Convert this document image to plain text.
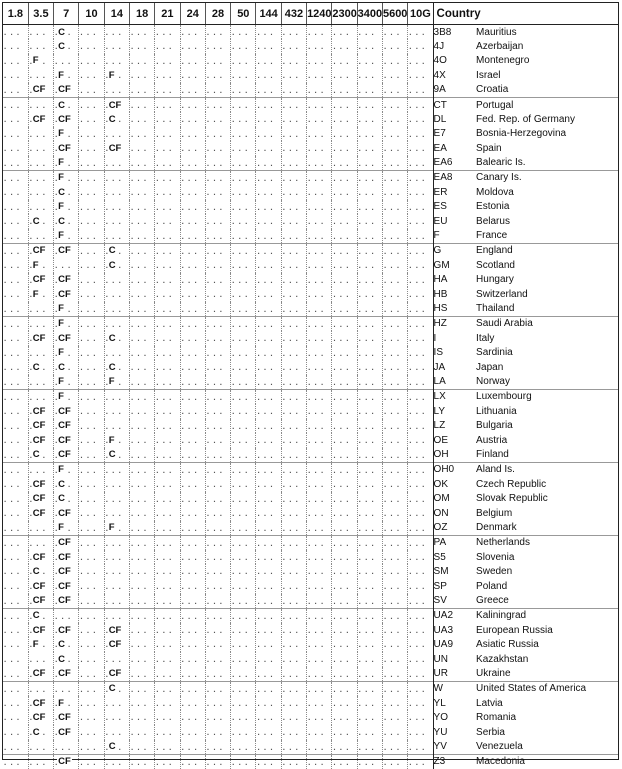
1.8	3.5	7	10	14	18	21	24	28	50	144	432	1240	2300	3400	5600	10G	Country
. . .	. . .	. . . C	. . .	. . .	. . .	. . .	. . .	. . .	. . .	. . .	. . .	. . .	. . .	. . .	. . .	. . .	3B8	Mauritius
. . .	. . .	. . . C	. . .	. . .	. . .	. . .	. . .	. . .	. . .	. . .	. . .	. . .	. . .	. . .	. . .	. . .	4J	Azerbaijan
. . .	. . . F	. . .	. . .	. . .	. . .	. . .	. . .	. . .	. . .	. . .	. . .	. . .	. . .	. . .	. . .	. . .	4O	Montenegro
. . .	. . .	. . . F	. . .	. . .F	. . .	. . .	. . .	. . .	. . .	. . .	. . .	. . .	. . .	. . .	. . .	. . .	4X	Israel
. . .	. . . CF	. . .CF	. . .	. . .	. . .	. . .	. . .	. . .	. . .	. . .	. . .	. . .	. . .	. . .	. . .	. . .	9A	Croatia
. . .	. . .	. . . C	. . .	. . .CF	. . .	. . .	. . .	. . .	. . .	. . .	. . .	. . .	. . .	. . .	. . .	. . .	CT	Portugal
. . .	. . . CF	. . .CF	. . .	. . .C	. . .	. . .	. . .	. . .	. . .	. . .	. . .	. . .	. . .	. . .	. . .	. . .	DL	Fed. Rep. of Germany
. . .	. . .	. . . F	. . .	. . .	. . .	. . .	. . .	. . .	. . .	. . .	. . .	. . .	. . .	. . .	. . .	. . .	E7	Bosnia-Herzegovina
. . .	. . .	. . . CF	. . .	. . .CF	. . .	. . .	. . .	. . .	. . .	. . .	. . .	. . .	. . .	. . .	. . .	. . .	EA	Spain
. . .	. . .	. . . F	. . .	. . .	. . .	. . .	. . .	. . .	. . .	. . .	. . .	. . .	. . .	. . .	. . .	. . .	EA6	Balearic Is.
. . .	. . .	. . . F	. . .	. . .	. . .	. . .	. . .	. . .	. . .	. . .	. . .	. . .	. . .	. . .	. . .	. . .	EA8	Canary Is.
. . .	. . .	. . . C	. . .	. . .	. . .	. . .	. . .	. . .	. . .	. . .	. . .	. . .	. . .	. . .	. . .	. . .	ER	Moldova
. . .	. . .	. . . F	. . .	. . .	. . .	. . .	. . .	. . .	. . .	. . .	. . .	. . .	. . .	. . .	. . .	. . .	ES	Estonia
. . .	. . . C	. . .C	. . .	. . .	. . .	. . .	. . .	. . .	. . .	. . .	. . .	. . .	. . .	. . .	. . .	. . .	EU	Belarus
. . .	. . .	. . . F	. . .	. . .	. . .	. . .	. . .	. . .	. . .	. . .	. . .	. . .	. . .	. . .	. . .	. . .	F	France
. . .	. . . CF	. . .CF	. . .	. . .C	. . .	. . .	. . .	. . .	. . .	. . .	. . .	. . .	. . .	. . .	. . .	. . .	G	England
. . .	. . . F	. . .	. . .	. . .C	. . .	. . .	. . .	. . .	. . .	. . .	. . .	. . .	. . .	. . .	. . .	. . .	GM	Scotland
. . .	. . . CF	. . .CF	. . .	. . .	. . .	. . .	. . .	. . .	. . .	. . .	. . .	. . .	. . .	. . .	. . .	. . .	HA	Hungary
. . .	. . . F	. . .CF	. . .	. . .	. . .	. . .	. . .	. . .	. . .	. . .	. . .	. . .	. . .	. . .	. . .	. . .	HB	Switzerland
. . .	. . .	. . . F	. . .	. . .	. . .	. . .	. . .	. . .	. . .	. . .	. . .	. . .	. . .	. . .	. . .	. . .	HS	Thailand
. . .	. . .	. . . F	. . .	. . .	. . .	. . .	. . .	. . .	. . .	. . .	. . .	. . .	. . .	. . .	. . .	. . .	HZ	Saudi Arabia
. . .	. . . CF	. . .CF	. . .	. . .C	. . .	. . .	. . .	. . .	. . .	. . .	. . .	. . .	. . .	. . .	. . .	. . .	I	Italy
. . .	. . .	. . . F	. . .	. . .	. . .	. . .	. . .	. . .	. . .	. . .	. . .	. . .	. . .	. . .	. . .	. . .	IS	Sardinia
. . .	. . . C	. . .C	. . .	. . .C	. . .	. . .	. . .	. . .	. . .	. . .	. . .	. . .	. . .	. . .	. . .	. . .	JA	Japan
. . .	. . .	. . . F	. . .	. . .F	. . .	. . .	. . .	. . .	. . .	. . .	. . .	. . .	. . .	. . .	. . .	. . .	LA	Norway
. . .	. . .	. . . F	. . .	. . .	. . .	. . .	. . .	. . .	. . .	. . .	. . .	. . .	. . .	. . .	. . .	. . .	LX	Luxembourg
. . .	. . . CF	. . .CF	. . .	. . .	. . .	. . .	. . .	. . .	. . .	. . .	. . .	. . .	. . .	. . .	. . .	. . .	LY	Lithuania
. . .	. . . CF	. . .CF	. . .	. . .	. . .	. . .	. . .	. . .	. . .	. . .	. . .	. . .	. . .	. . .	. . .	. . .	LZ	Bulgaria
. . .	. . . CF	. . .CF	. . .	. . .F	. . .	. . .	. . .	. . .	. . .	. . .	. . .	. . .	. . .	. . .	. . .	. . .	OE	Austria
. . .	. . . C	. . .CF	. . .	. . .C	. . .	. . .	. . .	. . .	. . .	. . .	. . .	. . .	. . .	. . .	. . .	. . .	OH	Finland
. . .	. . .	. . . F	. . .	. . .	. . .	. . .	. . .	. . .	. . .	. . .	. . .	. . .	. . .	. . .	. . .	. . .	OH0	Aland Is.
. . .	. . . CF	. . .C	. . .	. . .	. . .	. . .	. . .	. . .	. . .	. . .	. . .	. . .	. . .	. . .	. . .	. . .	OK	Czech Republic
. . .	. . . CF	. . .C	. . .	. . .	. . .	. . .	. . .	. . .	. . .	. . .	. . .	. . .	. . .	. . .	. . .	. . .	OM	Slovak Republic
. . .	. . . CF	. . .CF	. . .	. . .	. . .	. . .	. . .	. . .	. . .	. . .	. . .	. . .	. . .	. . .	. . .	. . .	ON	Belgium
. . .	. . .	. . . F	. . .	. . .F	. . .	. . .	. . .	. . .	. . .	. . .	. . .	. . .	. . .	. . .	. . .	. . .	OZ	Denmark
. . .	. . .	. . . CF	. . .	. . .	. . .	. . .	. . .	. . .	. . .	. . .	. . .	. . .	. . .	. . .	. . .	. . .	PA	Netherlands
. . .	. . . CF	. . .CF	. . .	. . .	. . .	. . .	. . .	. . .	. . .	. . .	. . .	. . .	. . .	. . .	. . .	. . .	S5	Slovenia
. . .	. . . C	. . .CF	. . .	. . .	. . .	. . .	. . .	. . .	. . .	. . .	. . .	. . .	. . .	. . .	. . .	. . .	SM	Sweden
. . .	. . . CF	. . .CF	. . .	. . .	. . .	. . .	. . .	. . .	. . .	. . .	. . .	. . .	. . .	. . .	. . .	. . .	SP	Poland
. . .	. . . CF	. . .CF	. . .	. . .	. . .	. . .	. . .	. . .	. . .	. . .	. . .	. . .	. . .	. . .	. . .	. . .	SV	Greece
. . .	. . . C	. . .	. . .	. . .	. . .	. . .	. . .	. . .	. . .	. . .	. . .	. . .	. . .	. . .	. . .	. . .	UA2	Kaliningrad
. . .	. . . CF	. . .CF	. . .	. . .CF	. . .	. . .	. . .	. . .	. . .	. . .	. . .	. . .	. . .	. . .	. . .	. . .	UA3	European Russia
. . .	. . . F	. . .C	. . .	. . .CF	. . .	. . .	. . .	. . .	. . .	. . .	. . .	. . .	. . .	. . .	. . .	. . .	UA9	Asiatic Russia
. . .	. . .	. . . C	. . .	. . .	. . .	. . .	. . .	. . .	. . .	. . .	. . .	. . .	. . .	. . .	. . .	. . .	UN	Kazakhstan
. . .	. . . CF	. . .CF	. . .	. . .CF	. . .	. . .	. . .	. . .	. . .	. . .	. . .	. . .	. . .	. . .	. . .	. . .	UR	Ukraine
. . .	. . .	. . .	. . .	. . . C	. . .	. . .	. . .	. . .	. . .	. . .	. . .	. . .	. . .	. . .	. . .	. . .	W	United States of America
. . .	. . . CF	. . .F	. . .	. . .	. . .	. . .	. . .	. . .	. . .	. . .	. . .	. . .	. . .	. . .	. . .	. . .	YL	Latvia
. . .	. . . CF	. . .CF	. . .	. . .	. . .	. . .	. . .	. . .	. . .	. . .	. . .	. . .	. . .	. . .	. . .	. . .	YO	Romania
. . .	. . . C	. . .CF	. . .	. . .	. . .	. . .	. . .	. . .	. . .	. . .	. . .	. . .	. . .	. . .	. . .	. . .	YU	Serbia
. . .	. . .	. . .	. . .	. . . C	. . .	. . .	. . .	. . .	. . .	. . .	. . .	. . .	. . .	. . .	. . .	. . .	YV	Venezuela
. . .	. . .	. . . CF	. . .	. . .	. . .	. . .	. . .	. . .	. . .	. . .	. . .	. . .	. . .	. . .	. . .	. . .	Z3	Macedonia
